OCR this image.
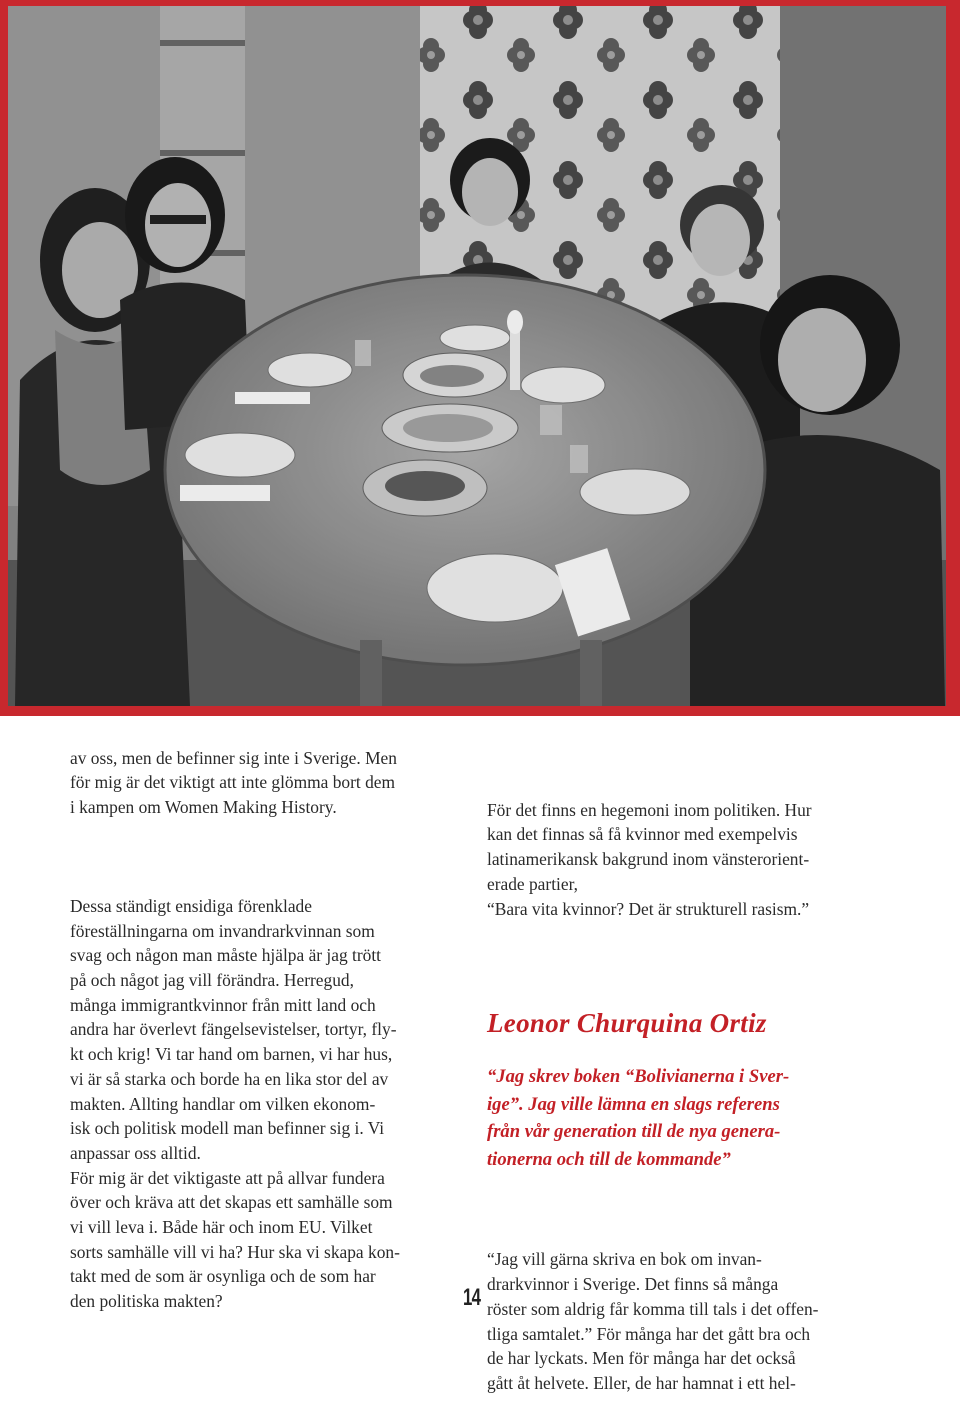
av oss, men de befinner sig inte i Sverige. Men
för mig är det viktigt att inte glömma bort dem
i kampen om Women Making History.

Dessa ständigt ensidiga förenklade
föreställningarna om invandrarkvinnan som
svag och någon man måste hjälpa är jag trött
på och något jag vill förändra. Herregud,
många immigrantkvinnor från mitt land och
andra har överlevt fängelsevistelser, tortyr, fly-
kt och krig! Vi tar hand om barnen, vi har hus,
vi är så starka och borde ha en lika stor del av
makten. Allting handlar om vilken ekonom-
isk och politisk modell man befinner sig i. Vi
anpassar oss alltid.
För mig är det viktigaste att på allvar fundera
över och kräva att det skapas ett samhälle som
vi vill leva i. Både här och inom EU. Vilket
sorts samhälle vill vi ha? Hur ska vi skapa kon-
takt med de som är osynliga och de som har
den politiska makten?

För det finns en hegemoni inom politiken. Hur
kan det finnas så få kvinnor med exempelvis
latinamerikansk bakgrund inom vänsterorient-
erade partier,
“Bara vita kvinnor? Det är strukturell rasism.”

Leonor Churquina Ortiz

“Jag skrev boken “Bolivianerna i Sver-
ige”. Jag ville lämna en slags referens
från vår generation till de nya genera-
tionerna och till de kommande”

“Jag vill gärna skriva en bok om invan-
drarkvinnor i Sverige. Det finns så många
röster som aldrig får komma till tals i det offen-
tliga samtalet.” För många har det gått bra och
de har lyckats. Men för många har det också
gått åt helvete. Eller, de har hamnat i ett hel-

14
